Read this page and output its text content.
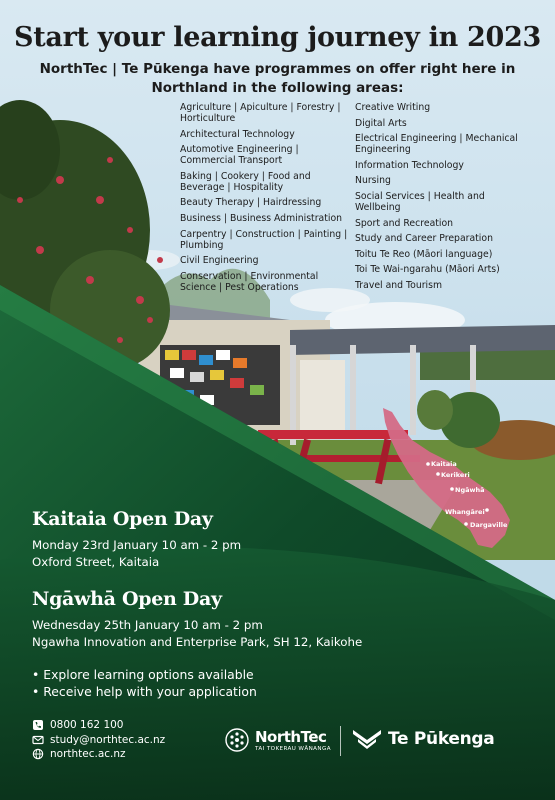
Kaitaia
Kerikeri
Ngāwhā
Whangārei
Dargaville
Start your learning journey in 2023

NorthTec | Te Pūkenga have programmes on offer right here in Northland in the following areas:

Agriculture | Apiculture | Forestry | Horticulture
Architectural Technology
Automotive Engineering | Commercial Transport
Baking | Cookery | Food and Beverage | Hospitality
Beauty Therapy | Hairdressing
Business | Business Administration
Carpentry | Construction | Painting | Plumbing
Civil Engineering
Conservation | Environmental Science | Pest Operations
Creative Writing
Digital Arts
Electrical Engineering | Mechanical Engineering
Information Technology
Nursing
Social Services | Health and Wellbeing
Sport and Recreation
Study and Career Preparation
Toitu Te Reo (Māori language)
Toi Te Wai-ngarahu (Māori Arts)
Travel and Tourism
Kaitaia Open Day

Monday 23rd January 10 am - 2 pm

Oxford Street, Kaitaia

Ngāwhā Open Day

Wednesday 25th January 10 am - 2 pm

Ngawha Innovation and Enterprise Park, SH 12, Kaikohe

• Explore learning options available
• Receive help with your application
0800 162 100
study@northtec.ac.nz
northtec.ac.nz
NorthTec
TAI TOKERAU WĀNANGA	Te Pūkenga
